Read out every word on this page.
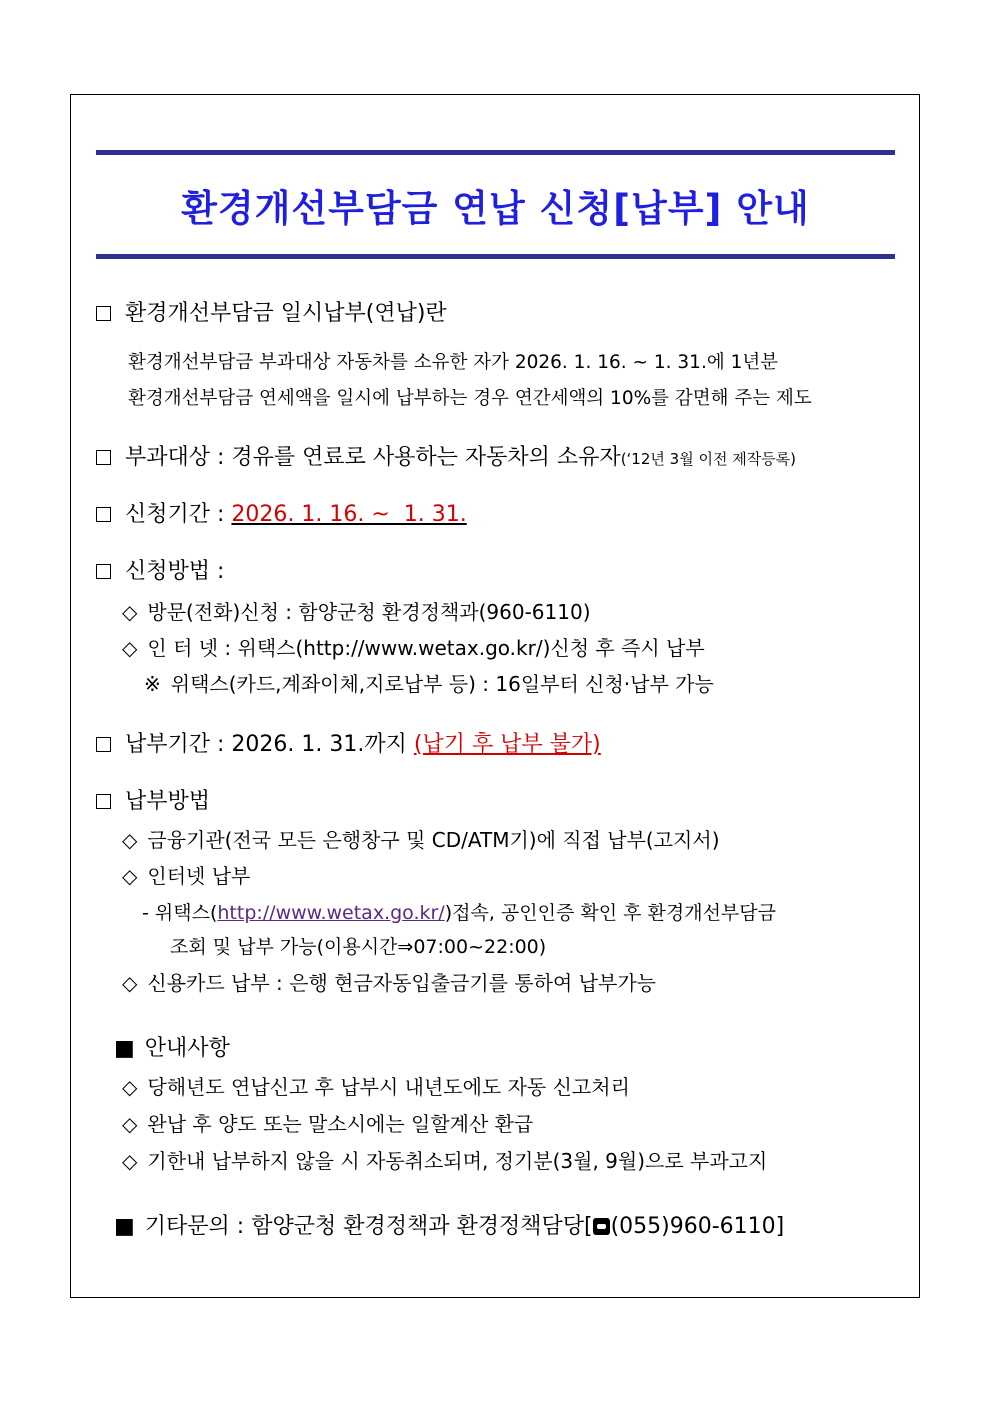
환경개선부담금 연납 신청[납부] 안내
환경개선부담금 일시납부(연납)란
환경개선부담금 부과대상 자동차를 소유한 자가 2026. 1. 16. ~ 1. 31.에 1년분
환경개선부담금 연세액을 일시에 납부하는 경우 연간세액의 10%를 감면해 주는 제도
부과대상 : 경유를 연료로 사용하는 자동차의 소유자(‘12년 3월 이전 제작등록)
신청기간 : 2026. 1. 16. ~  1. 31.
신청방법 :
◇ 방문(전화)신청 : 함양군청 환경정책과(960-6110)
◇ 인 터 넷 : 위택스(http://www.wetax.go.kr/)신청 후 즉시 납부
※ 위택스(카드,계좌이체,지로납부 등) : 16일부터 신청·납부 가능
납부기간 : 2026. 1. 31.까지 (납기 후 납부 불가)
납부방법
◇ 금융기관(전국 모든 은행창구 및 CD/ATM기)에 직접 납부(고지서)
◇ 인터넷 납부
- 위택스(http://www.wetax.go.kr/)접속, 공인인증 확인 후 환경개선부담금
조회 및 납부 가능(이용시간⇒07:00~22:00)
◇ 신용카드 납부 : 은행 현금자동입출금기를 통하여 납부가능
■ 안내사항
◇ 당해년도 연납신고 후 납부시 내년도에도 자동 신고처리
◇ 완납 후 양도 또는 말소시에는 일할계산 환급
◇ 기한내 납부하지 않을 시 자동취소되며, 정기분(3월, 9월)으로 부과고지
■ 기타문의 : 함양군청 환경정책과 환경정책담당[ (055)960-6110]
